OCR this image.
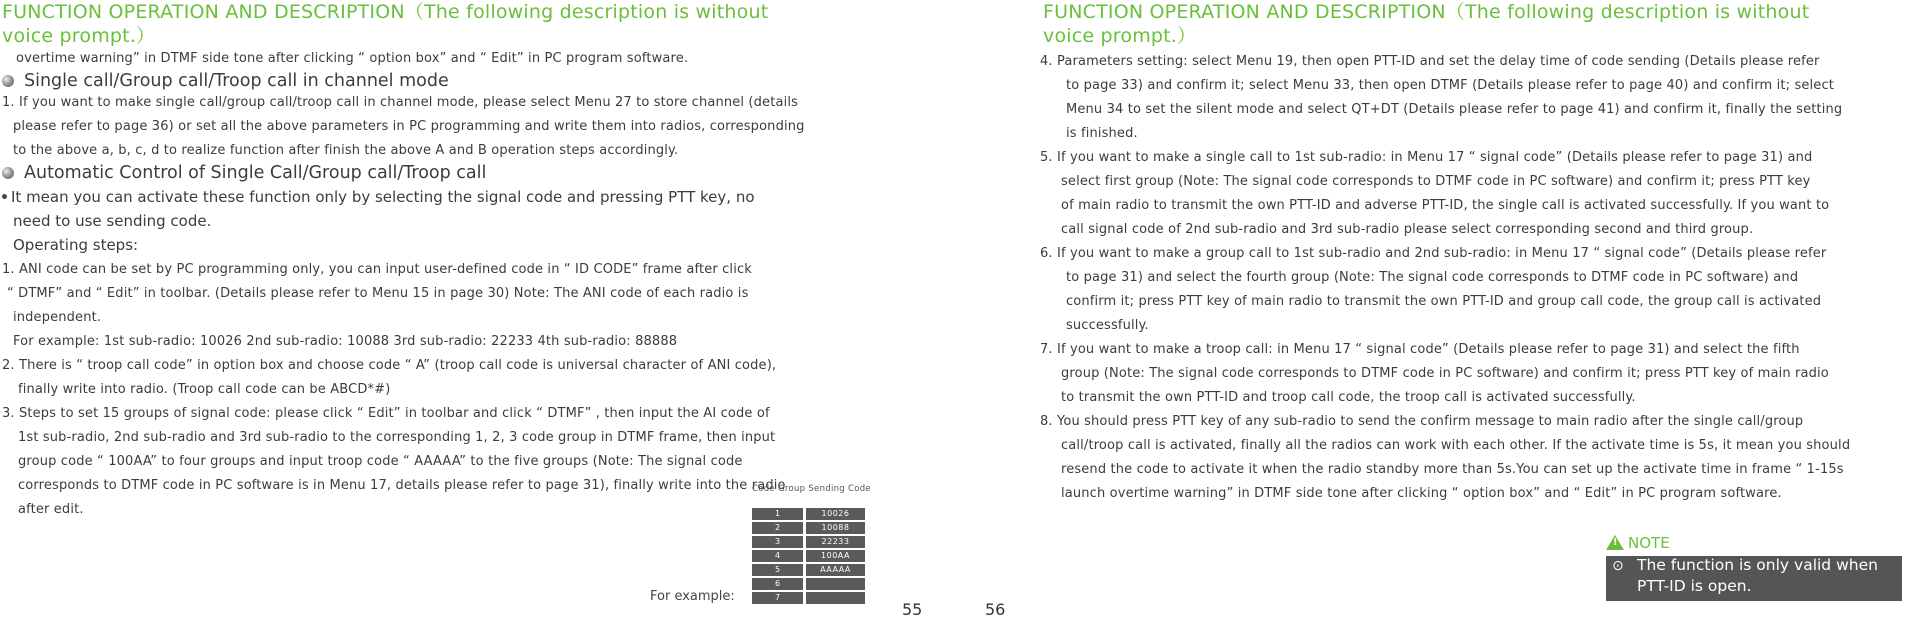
FUNCTION OPERATION AND DESCRIPTION（The following description is without
voice prompt.）
overtime warning” in DTMF side tone after clicking “ option box” and “ Edit” in PC program software.
Single call/Group call/Troop call in channel mode
1. If you want to make single call/group call/troop call in channel mode, please select Menu 27 to store channel (details
please refer to page 36) or set all the above parameters in PC programming and write them into radios, corresponding
to the above a, b, c, d to realize function after finish the above A and B operation steps accordingly.
Automatic Control of Single Call/Group call/Troop call
It mean you can activate these function only by selecting the signal code and pressing PTT key, no
need to use sending code.
Operating steps:
1. ANI code can be set by PC programming only, you can input user-defined code in “ ID CODE” frame after click
“ DTMF” and “ Edit” in toolbar. (Details please refer to Menu 15 in page 30) Note: The ANI code of each radio is
independent.
For example: 1st sub-radio: 10026 2nd sub-radio: 10088 3rd sub-radio: 22233 4th sub-radio: 88888
2. There is “ troop call code” in option box and choose code “ A” (troop call code is universal character of ANI code),
finally write into radio. (Troop call code can be ABCD*#)
3. Steps to set 15 groups of signal code: please click “ Edit” in toolbar and click “ DTMF” , then input the AI code of
1st sub-radio, 2nd sub-radio and 3rd sub-radio to the corresponding 1, 2, 3 code group in DTMF frame, then input
group code “ 100AA” to four groups and input troop code “ AAAAA” to the five groups (Note: The signal code
corresponds to DTMF code in PC software is in Menu 17, details please refer to page 31), finally write into the radio
after edit.
For example:
Code Group Sending Code
1	10026
2	10088
3	22233
4	100AA
5	AAAAA
6
7
55
FUNCTION OPERATION AND DESCRIPTION（The following description is without
voice prompt.）
4. Parameters setting: select Menu 19, then open PTT-ID and set the delay time of code sending (Details please refer
to page 33) and confirm it; select Menu 33, then open DTMF (Details please refer to page 40) and confirm it; select
Menu 34 to set the silent mode and select QT+DT (Details please refer to page 41) and confirm it, finally the setting
is finished.
5. If you want to make a single call to 1st sub-radio: in Menu 17 “ signal code” (Details please refer to page 31) and
select first group (Note: The signal code corresponds to DTMF code in PC software) and confirm it; press PTT key
of main radio to transmit the own PTT-ID and adverse PTT-ID, the single call is activated successfully. If you want to
call signal code of 2nd sub-radio and 3rd sub-radio please select corresponding second and third group.
6. If you want to make a group call to 1st sub-radio and 2nd sub-radio: in Menu 17 “ signal code” (Details please refer
to page 31) and select the fourth group (Note: The signal code corresponds to DTMF code in PC software) and
confirm it; press PTT key of main radio to transmit the own PTT-ID and group call code, the group call is activated
successfully.
7. If you want to make a troop call: in Menu 17 “ signal code” (Details please refer to page 31) and select the fifth
group (Note: The signal code corresponds to DTMF code in PC software) and confirm it; press PTT key of main radio
to transmit the own PTT-ID and troop call code, the troop call is activated successfully.
8. You should press PTT key of any sub-radio to send the confirm message to main radio after the single call/group
call/troop call is activated, finally all the radios can work with each other. If the activate time is 5s, it mean you should
resend the code to activate it when the radio standby more than 5s.You can set up the activate time in frame “ 1-15s
launch overtime warning” in DTMF side tone after clicking “ option box” and “ Edit” in PC program software.
56
! NOTE
⊙ The function is only valid when
PTT-ID is open.
